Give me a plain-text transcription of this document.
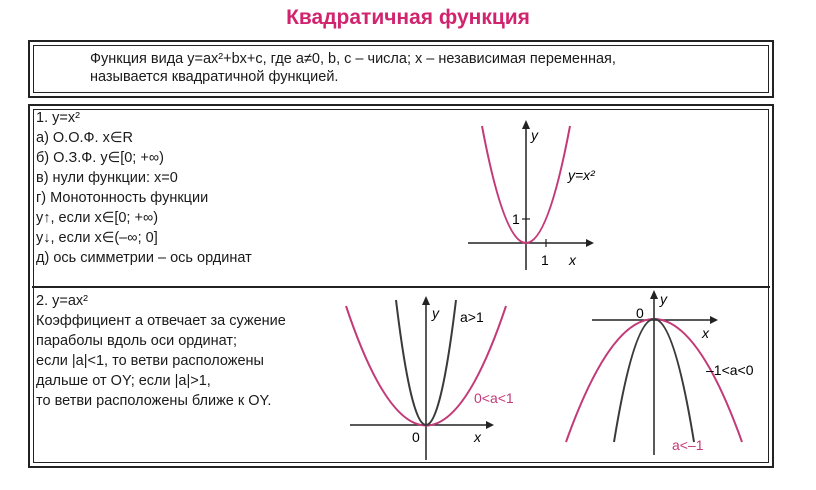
Квадратичная функция
Функция вида y=ax²+bx+c, где a≠0, b, c – числа; x – независимая переменная,
называется квадратичной функцией.
1. y=x²
а) О.О.Ф. x∈R
б) О.З.Ф. y∈[0; +∞)
в) нули функции: x=0
г) Монотонность функции
y↑, если x∈[0; +∞)
y↓, если x∈(–∞; 0]
д) ось симметрии – ось ординат
2. y=ax²
Коэффициент a отвечает за сужение
параболы вдоль оси ординат;
если |a|<1, то ветви расположены
дальше от OY; если |a|>1,
то ветви расположены ближе к OY.
y
x
1
1
y=x²
y
x
0
a>1
0<a<1
y
x
0
–1<a<0
a<–1
